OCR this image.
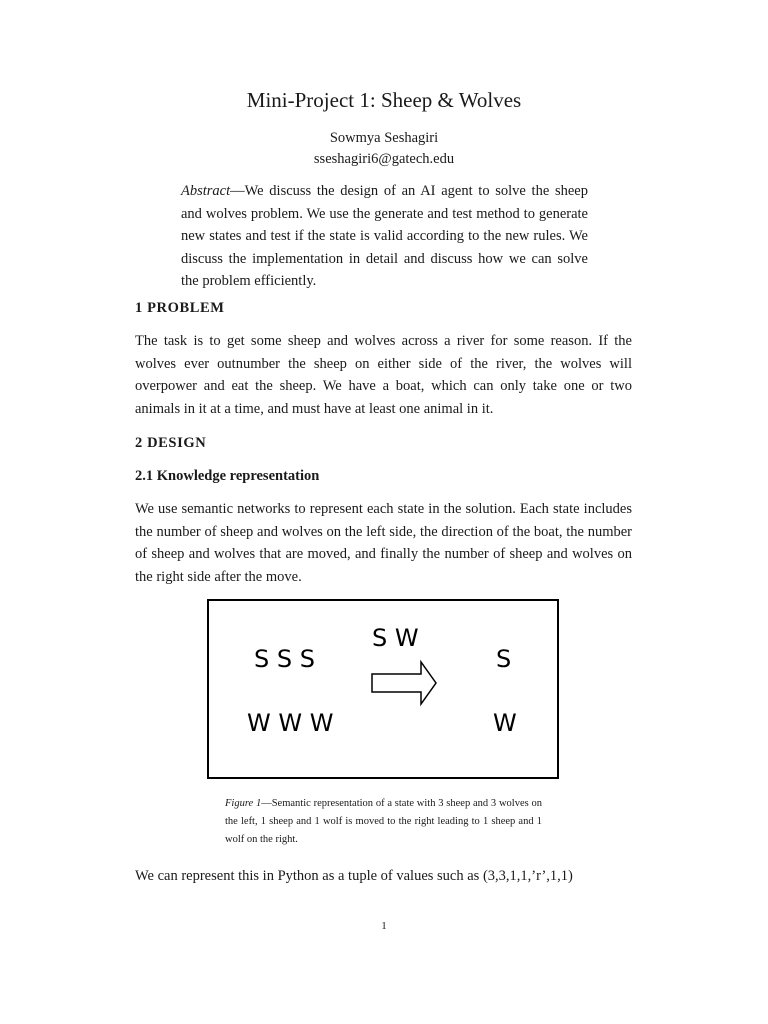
Mini-Project 1: Sheep & Wolves
Sowmya Seshagiri
sseshagiri6@gatech.edu
Abstract—We discuss the design of an AI agent to solve the sheep and wolves problem. We use the generate and test method to generate new states and test if the state is valid according to the new rules. We discuss the implementation in detail and discuss how we can solve the problem efficiently.
1 PROBLEM
The task is to get some sheep and wolves across a river for some reason. If the wolves ever outnumber the sheep on either side of the river, the wolves will overpower and eat the sheep. We have a boat, which can only take one or two animals in it at a time, and must have at least one animal in it.
2 DESIGN
2.1 Knowledge representation
We use semantic networks to represent each state in the solution. Each state includes the number of sheep and wolves on the left side, the direction of the boat, the number of sheep and wolves that are moved, and finally the number of sheep and wolves on the right side after the move.
S S S
W W W
S W
S
W
Figure 1—Semantic representation of a state with 3 sheep and 3 wolves on the left, 1 sheep and 1 wolf is moved to the right leading to 1 sheep and 1 wolf on the right.
We can represent this in Python as a tuple of values such as (3,3,1,1,’r’,1,1)
1
